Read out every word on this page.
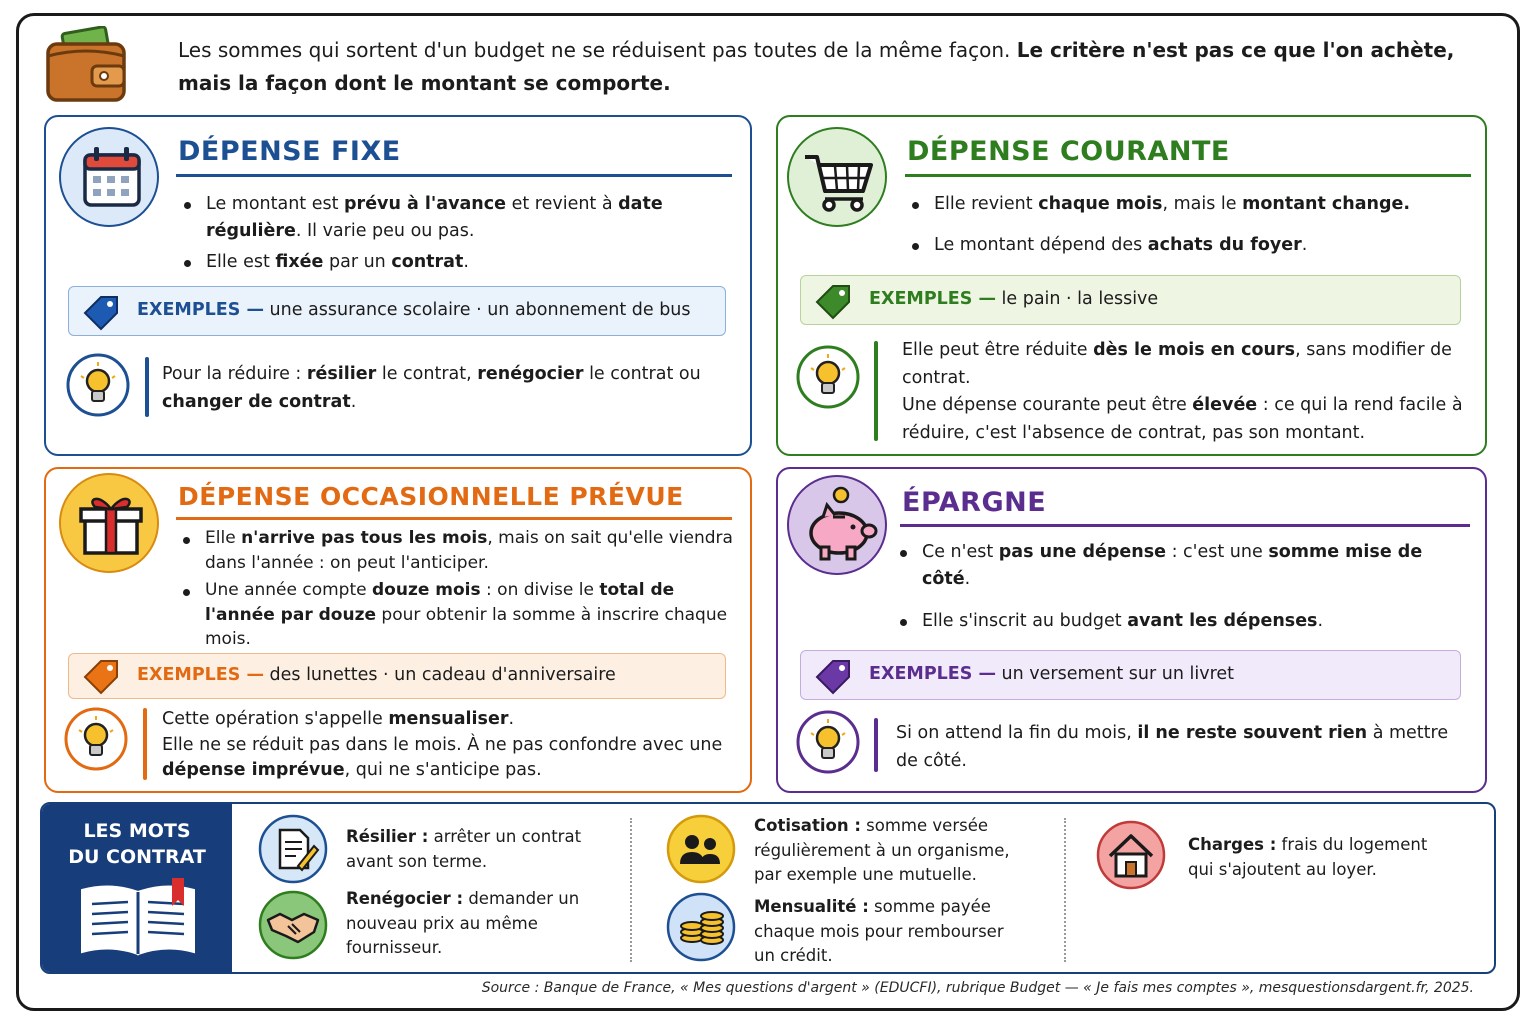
Les sommes qui sortent d'un budget ne se réduisent pas toutes de la même façon. Le critère n'est pas ce que l'on achète, mais la façon dont le montant se comporte.
DÉPENSE FIXE
Le montant est prévu à l'avance et revient à date régulière. Il varie peu ou pas.
Elle est fixée par un contrat.
EXEMPLES — une assurance scolaire · un abonnement de bus
Pour la réduire : résilier le contrat, renégocier le contrat ou changer de contrat.
DÉPENSE COURANTE
Elle revient chaque mois, mais le montant change.
Le montant dépend des achats du foyer.
EXEMPLES — le pain · la lessive
Elle peut être réduite dès le mois en cours, sans modifier de contrat.
Une dépense courante peut être élevée : ce qui la rend facile à réduire, c'est l'absence de contrat, pas son montant.
DÉPENSE OCCASIONNELLE PRÉVUE
Elle n'arrive pas tous les mois, mais on sait qu'elle viendra dans l'année : on peut l'anticiper.
Une année compte douze mois : on divise le total de l'année par douze pour obtenir la somme à inscrire chaque mois.
EXEMPLES — des lunettes · un cadeau d'anniversaire
Cette opération s'appelle mensualiser.
Elle ne se réduit pas dans le mois. À ne pas confondre avec une dépense imprévue, qui ne s'anticipe pas.
ÉPARGNE
Ce n'est pas une dépense : c'est une somme mise de côté.
Elle s'inscrit au budget avant les dépenses.
EXEMPLES — un versement sur un livret
Si on attend la fin du mois, il ne reste souvent rien à mettre de côté.
LES MOTS
DU CONTRAT
Résilier : arrêter un contrat avant son terme.
Renégocier : demander un nouveau prix au même fournisseur.
Cotisation : somme versée régulièrement à un organisme, par exemple une mutuelle.
Mensualité : somme payée chaque mois pour rembourser un crédit.
Charges : frais du logement qui s'ajoutent au loyer.
Source : Banque de France, « Mes questions d'argent » (EDUCFI), rubrique Budget — « Je fais mes comptes », mesquestionsdargent.fr, 2025.
